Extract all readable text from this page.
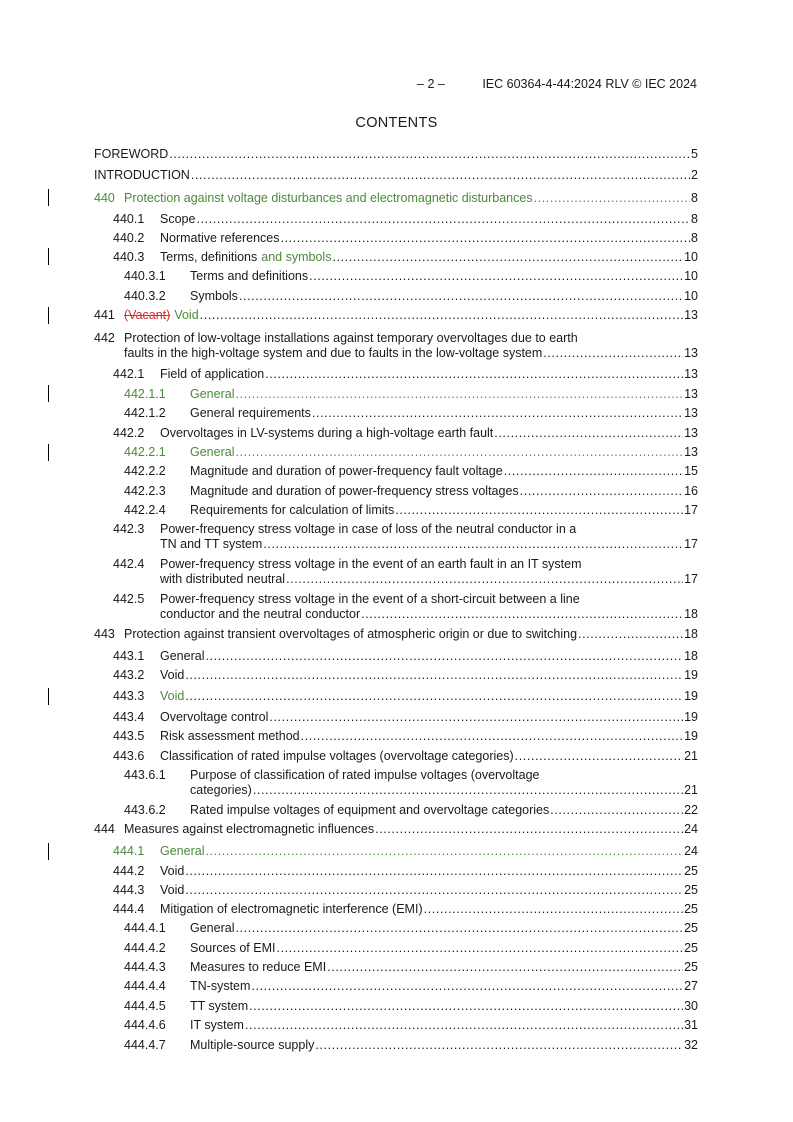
– 2 –	IEC 60364-4-44:2024 RLV © IEC 2024
CONTENTS
FOREWORD .....	5
INTRODUCTION .....	2
440 Protection against voltage disturbances and electromagnetic disturbances .....	8
440.1	Scope .....	8
440.2	Normative references .....	8
440.3	Terms, definitions and symbols .....	10
440.3.1	Terms and definitions .....	10
440.3.2	Symbols .....	10
441 (Vacant) Void .....	13
442 Protection of low-voltage installations against temporary overvoltages due to earth
faults in the high-voltage system and due to faults in the low-voltage system .....	13
442.1	Field of application .....	13
442.1.1	General .....	13
442.1.2	General requirements .....	13
442.2	Overvoltages in LV-systems during a high-voltage earth fault .....	13
442.2.1	General .....	13
442.2.2	Magnitude and duration of power-frequency fault voltage .....	15
442.2.3	Magnitude and duration of power-frequency stress voltages .....	16
442.2.4	Requirements for calculation of limits .....	17
442.3	Power-frequency stress voltage in case of loss of the neutral conductor in a
TN and TT system .....	17
442.4	Power-frequency stress voltage in the event of an earth fault in an IT system
with distributed neutral .....	17
442.5	Power-frequency stress voltage in the event of a short-circuit between a line
conductor and the neutral conductor .....	18
443 Protection against transient overvoltages of atmospheric origin or due to switching .....	18
443.1	General .....	18
443.2	Void .....	19
443.3	Void .....	19
443.4	Overvoltage control .....	19
443.5	Risk assessment method .....	19
443.6	Classification of rated impulse voltages (overvoltage categories) .....	21
443.6.1	Purpose of classification of rated impulse voltages (overvoltage
categories) .....	21
443.6.2	Rated impulse voltages of equipment and overvoltage categories .....	22
444 Measures against electromagnetic influences .....	24
444.1	General .....	24
444.2	Void .....	25
444.3	Void .....	25
444.4	Mitigation of electromagnetic interference (EMI) .....	25
444.4.1	General .....	25
444.4.2	Sources of EMI .....	25
444.4.3	Measures to reduce EMI .....	25
444.4.4	TN-system .....	27
444.4.5	TT system .....	30
444.4.6	IT system .....	31
444.4.7	Multiple-source supply .....	32
